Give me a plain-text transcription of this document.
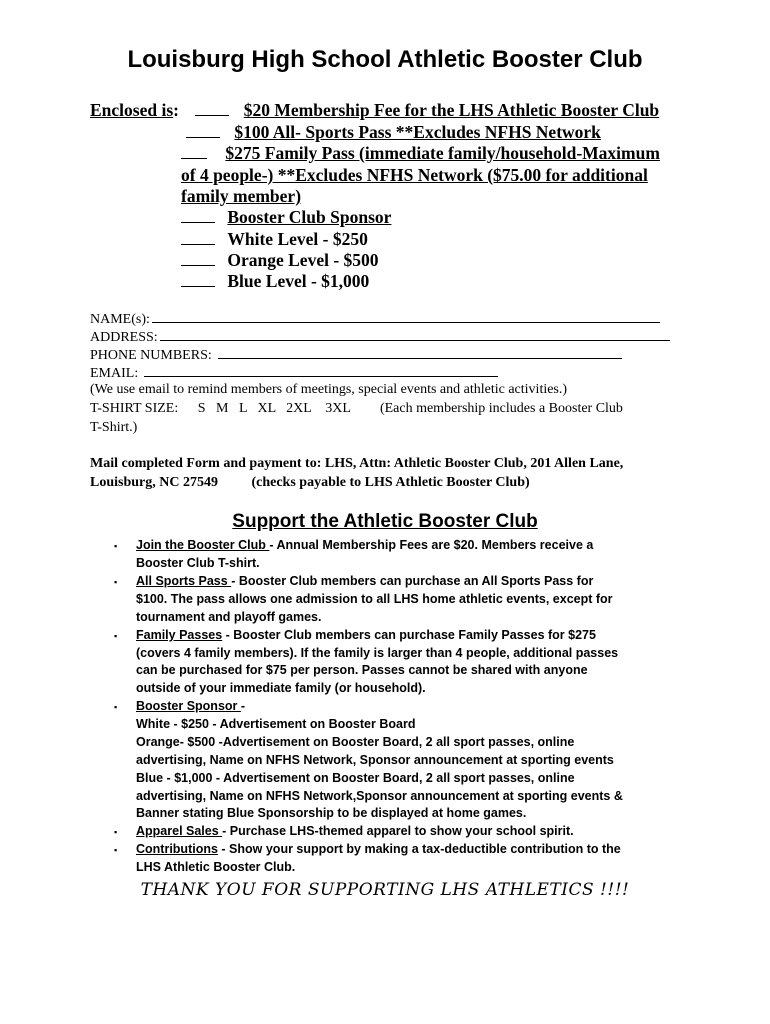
Louisburg High School Athletic Booster Club
Enclosed is:	$20 Membership Fee for the LHS Athletic Booster Club
$100 All- Sports Pass **Excludes NFHS Network
$275 Family Pass (immediate family/household-Maximum
of 4 people-) **Excludes NFHS Network ($75.00 for additional
family member)
Booster Club Sponsor
White Level - $250
Orange Level - $500
Blue Level - $1,000
NAME(s):
ADDRESS:
PHONE NUMBERS:
EMAIL:
(We use email to remind members of meetings, special events and athletic activities.)
T-SHIRT SIZE: S   M   L   XL   2XL    3XL (Each membership includes a Booster Club
T-Shirt.)
Mail completed Form and payment to: LHS, Attn: Athletic Booster Club, 201 Allen Lane,
Louisburg, NC 27549 (checks payable to LHS Athletic Booster Club)
Support the Athletic Booster Club
▪ Join the Booster Club - Annual Membership Fees are $20. Members receive a
Booster Club T-shirt.
▪ All Sports Pass - Booster Club members can purchase an All Sports Pass for
$100. The pass allows one admission to all LHS home athletic events, except for
tournament and playoff games.
▪ Family Passes - Booster Club members can purchase Family Passes for $275
(covers 4 family members). If the family is larger than 4 people, additional passes
can be purchased for $75 per person. Passes cannot be shared with anyone
outside of your immediate family (or household).
▪ Booster Sponsor -
White - $250 - Advertisement on Booster Board
Orange- $500 -Advertisement on Booster Board, 2 all sport passes, online
advertising, Name on NFHS Network, Sponsor announcement at sporting events
Blue - $1,000 - Advertisement on Booster Board, 2 all sport passes, online
advertising, Name on NFHS Network,Sponsor announcement at sporting events &
Banner stating Blue Sponsorship to be displayed at home games.
▪ Apparel Sales - Purchase LHS-themed apparel to show your school spirit.
▪ Contributions - Show your support by making a tax-deductible contribution to the
LHS Athletic Booster Club.
THANK YOU FOR SUPPORTING LHS ATHLETICS !!!!
